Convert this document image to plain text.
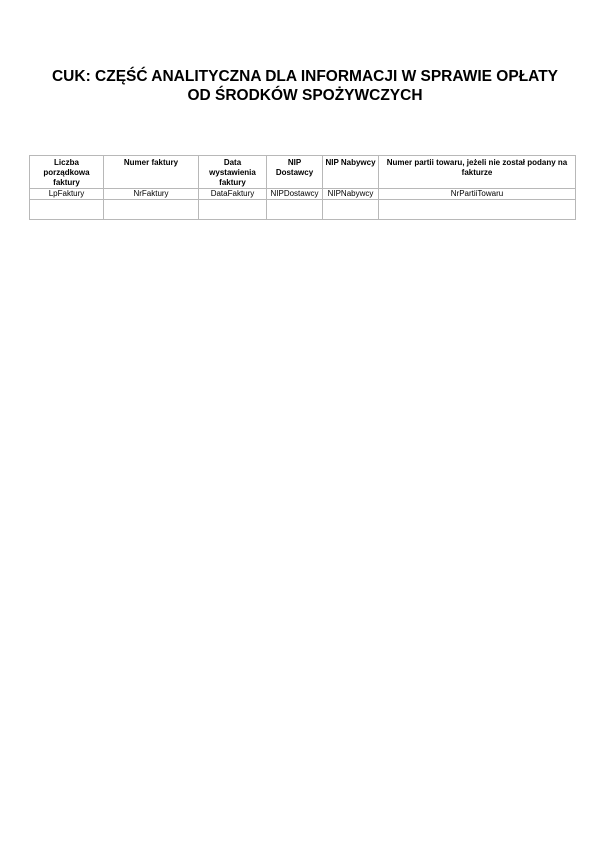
CUK: CZĘŚĆ ANALITYCZNA DLA INFORMACJI W SPRAWIE OPŁATY
OD ŚRODKÓW SPOŻYWCZYCH
Liczba porządkowa faktury	Numer faktury	Data wystawienia faktury	NIP Dostawcy	NIP Nabywcy	Numer partii towaru, jeżeli nie został podany na fakturze
LpFaktury	NrFaktury	DataFaktury	NIPDostawcy	NIPNabywcy	NrPartiiTowaru
